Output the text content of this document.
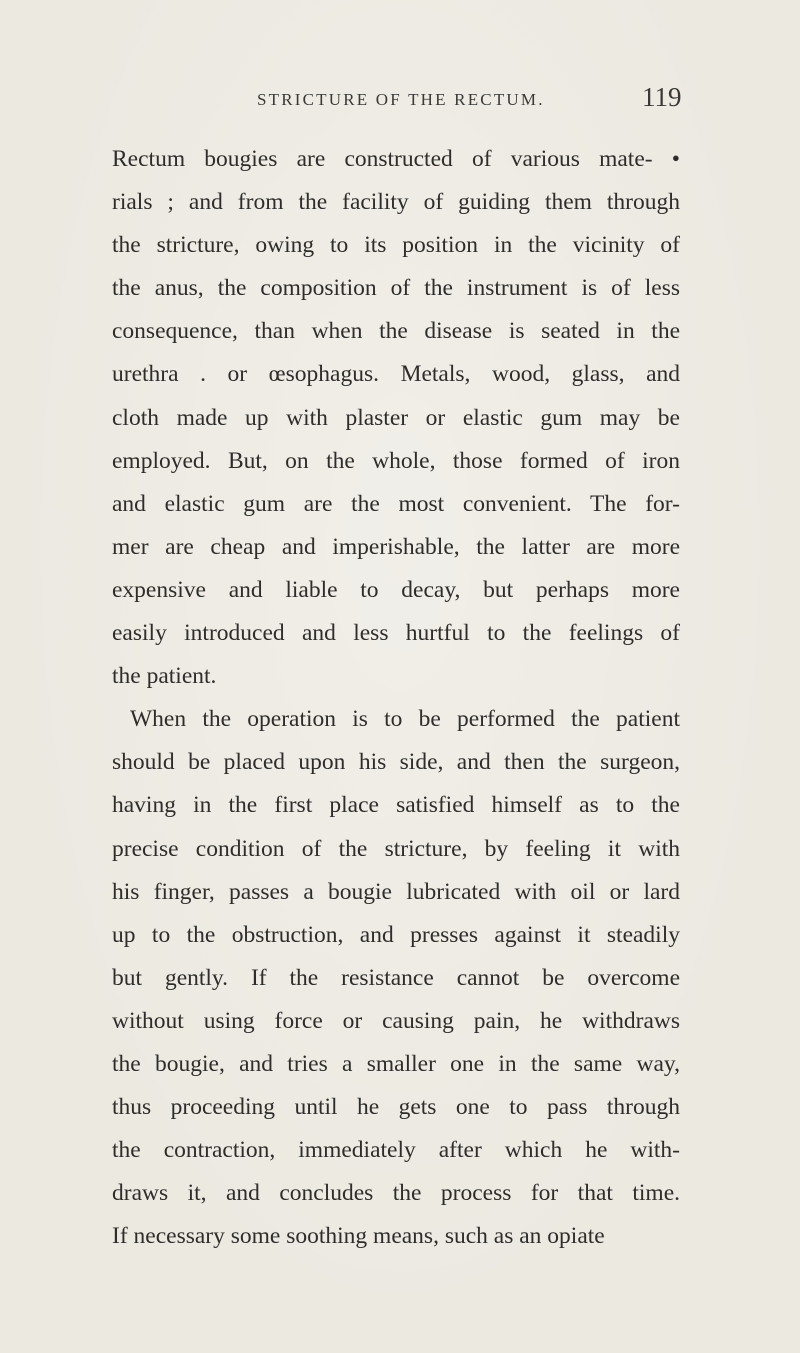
STRICTURE OF THE RECTUM.	119
Rectum bougies are constructed of various mate- •
rials ; and from the facility of guiding them through
the stricture, owing to its position in the vicinity of
the anus, the composition of the instrument is of less
consequence, than when the disease is seated in the
urethra . or œsophagus. Metals, wood, glass, and
cloth made up with plaster or elastic gum may be
employed. But, on the whole, those formed of iron
and elastic gum are the most convenient. The for-
mer are cheap and imperishable, the latter are more
expensive and liable to decay, but perhaps more
easily introduced and less hurtful to the feelings of
the patient.
When the operation is to be performed the patient
should be placed upon his side, and then the surgeon,
having in the first place satisfied himself as to the
precise condition of the stricture, by feeling it with
his finger, passes a bougie lubricated with oil or lard
up to the obstruction, and presses against it steadily
but gently. If the resistance cannot be overcome
without using force or causing pain, he withdraws
the bougie, and tries a smaller one in the same way,
thus proceeding until he gets one to pass through
the contraction, immediately after which he with-
draws it, and concludes the process for that time.
If necessary some soothing means, such as an opiate
